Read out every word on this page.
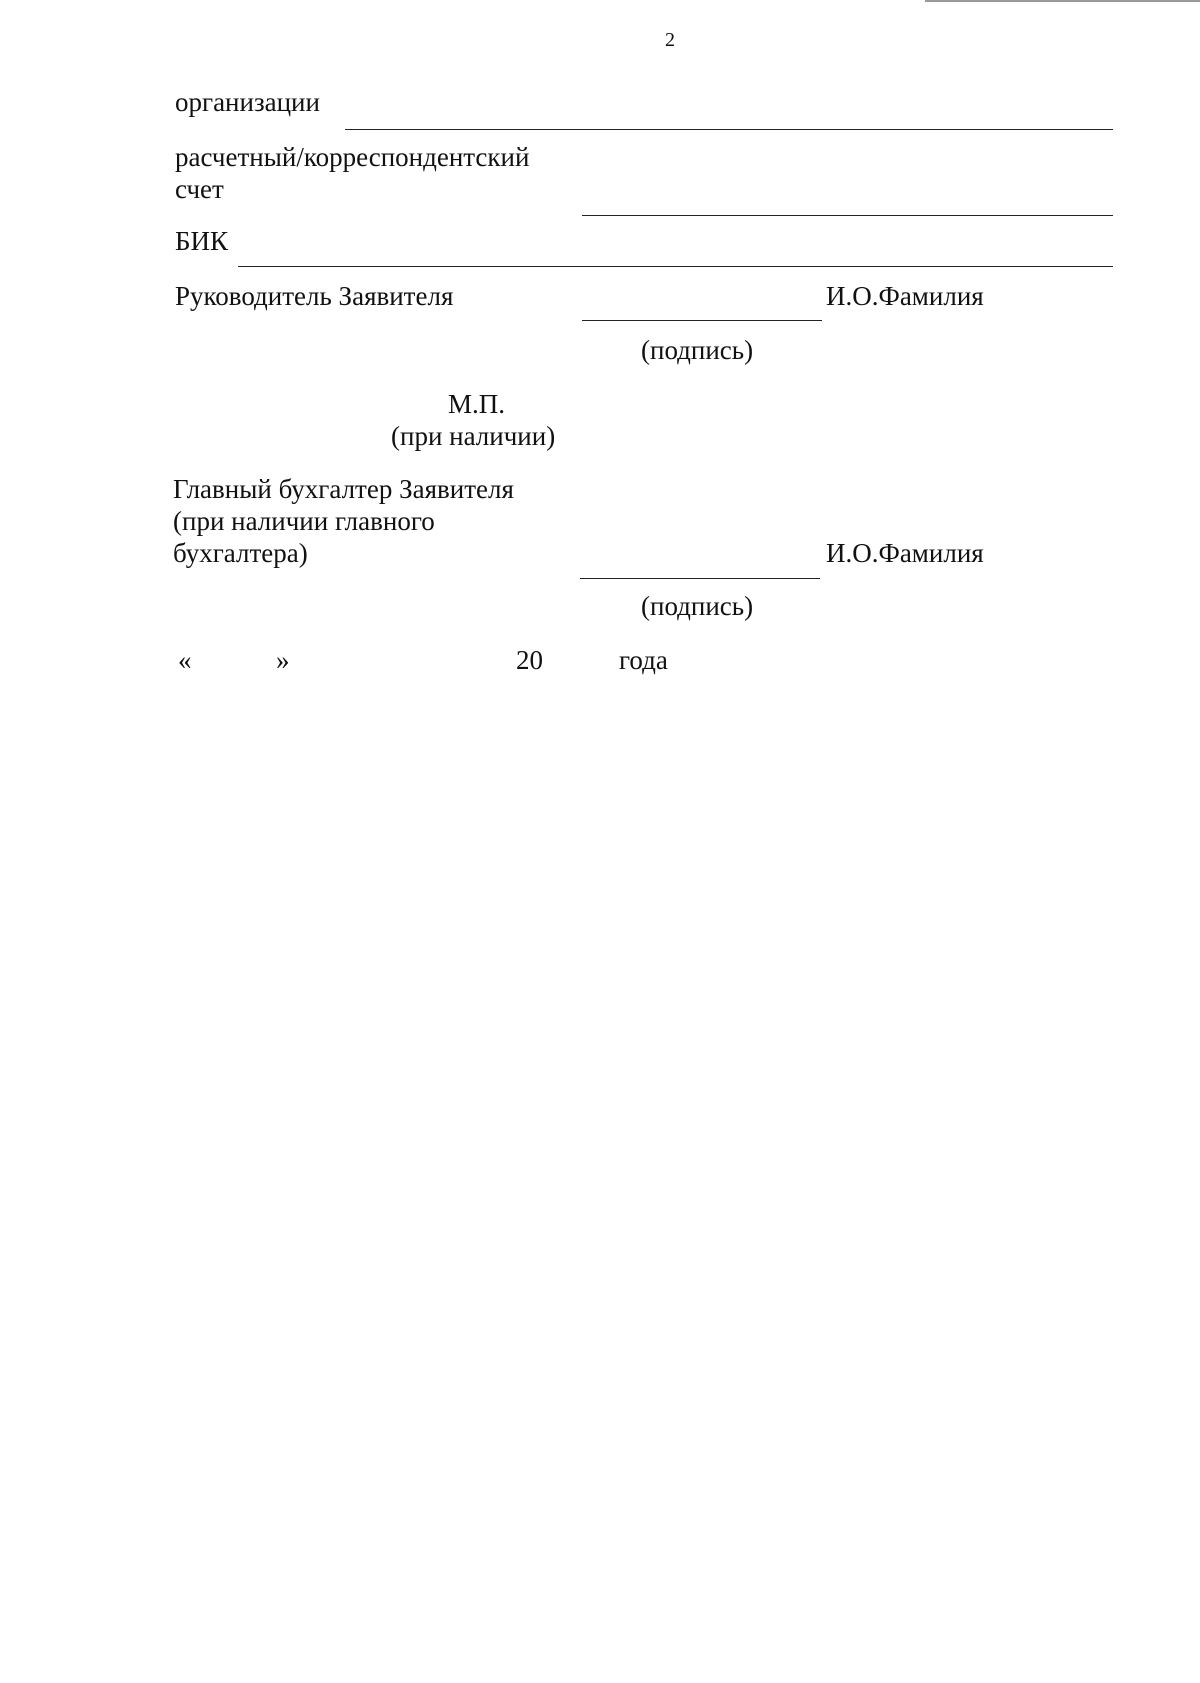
2
организации
расчетный/корреспондентский
счет
БИК
Руководитель Заявителя	И.О.Фамилия
(подпись)
М.П.
(при наличии)
Главный бухгалтер Заявителя
(при наличии главного
бухгалтера)	И.О.Фамилия
(подпись)
«	»	20	года
